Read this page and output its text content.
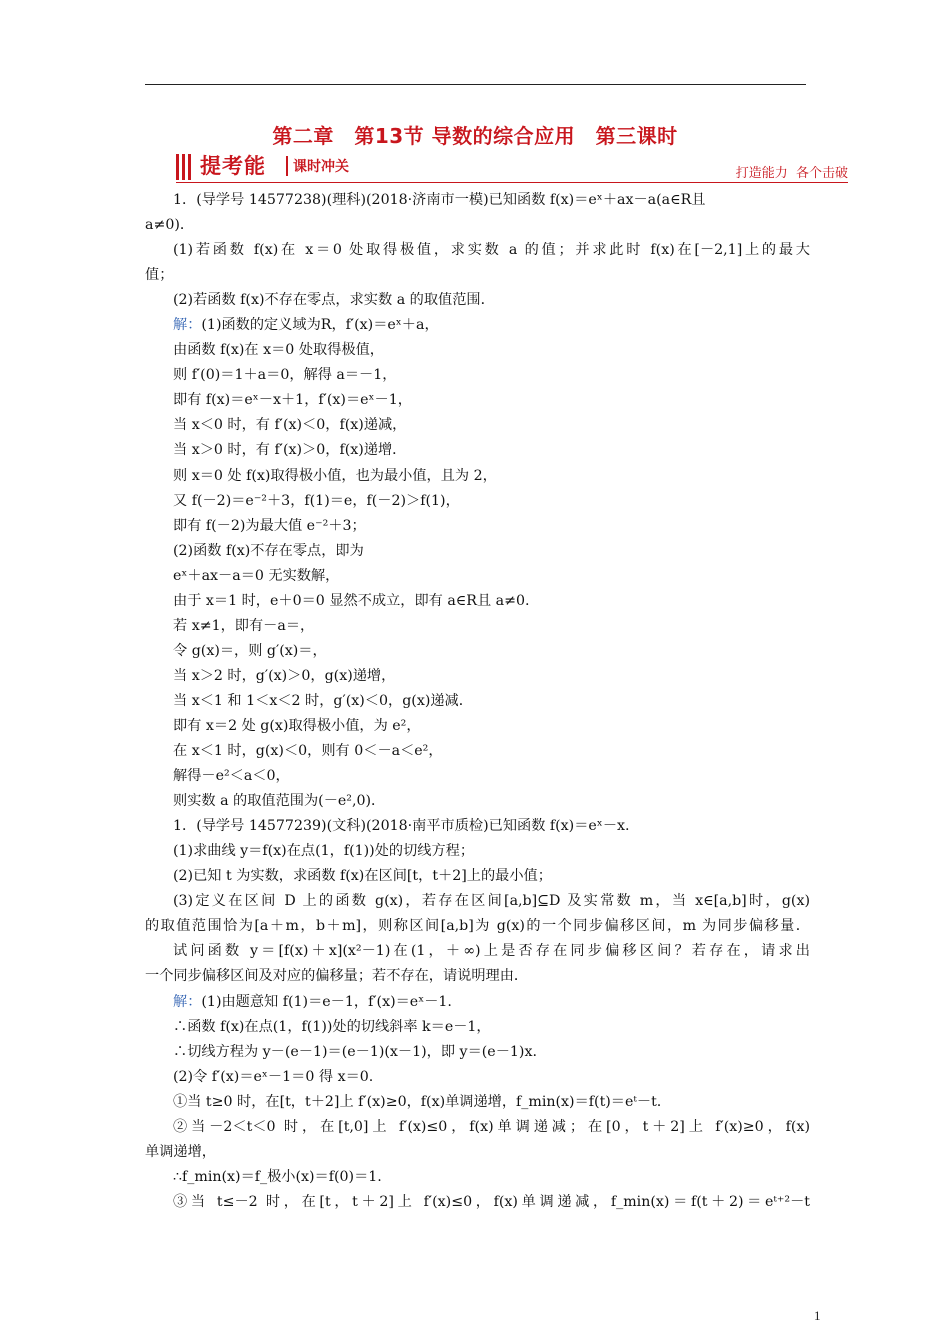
第二章　第13节 导数的综合应用　第三课时
提考能 课时冲关	打造能力  各个击破

1．(导学号 14577238)(理科)(2018·济南市一模)已知函数 f(x)＝eˣ＋ax－a(a∈R且

a≠0)．

(1)若函数 f(x)在 x＝0 处取得极值，求实数 a 的值；并求此时 f(x)在[－2,1]上的最大

值；

(2)若函数 f(x)不存在零点，求实数 a 的取值范围．

解：(1)函数的定义域为R，f′(x)＝eˣ＋a，

由函数 f(x)在 x＝0 处取得极值，

则 f′(0)＝1＋a＝0，解得 a＝－1，

即有 f(x)＝eˣ－x＋1，f′(x)＝eˣ－1，

当 x＜0 时，有 f′(x)＜0，f(x)递减，

当 x＞0 时，有 f′(x)＞0，f(x)递增．

则 x＝0 处 f(x)取得极小值，也为最小值，且为 2，

又 f(－2)＝e⁻²＋3，f(1)＝e，f(－2)＞f(1)，

即有 f(－2)为最大值 e⁻²＋3；

(2)函数 f(x)不存在零点，即为

eˣ＋ax－a＝0 无实数解，

由于 x＝1 时，e＋0＝0 显然不成立，即有 a∈R且 a≠0.

若 x≠1，即有－a＝，

令 g(x)＝，则 g′(x)＝，

当 x＞2 时，g′(x)＞0，g(x)递增，

当 x＜1 和 1＜x＜2 时，g′(x)＜0，g(x)递减．

即有 x＝2 处 g(x)取得极小值，为 e²，

在 x＜1 时，g(x)＜0，则有 0＜－a＜e²，

解得－e²＜a＜0，

则实数 a 的取值范围为(－e²,0)．

1．(导学号 14577239)(文科)(2018·南平市质检)已知函数 f(x)＝eˣ－x.

(1)求曲线 y＝f(x)在点(1，f(1))处的切线方程；

(2)已知 t 为实数，求函数 f(x)在区间[t，t＋2]上的最小值；

(3)定义在区间 D 上的函数 g(x)，若存在区间[a,b]⊆D 及实常数 m，当 x∈[a,b]时，g(x)

的取值范围恰为[a＋m，b＋m]，则称区间[a,b]为 g(x)的一个同步偏移区间，m 为同步偏移量．

试问函数 y＝[f(x)＋x](x²－1)在(1，＋∞)上是否存在同步偏移区间？若存在，请求出

一个同步偏移区间及对应的偏移量；若不存在，请说明理由．

解：(1)由题意知 f(1)＝e－1，f′(x)＝eˣ－1.

∴函数 f(x)在点(1，f(1))处的切线斜率 k＝e－1，

∴切线方程为 y－(e－1)＝(e－1)(x－1)，即 y＝(e－1)x.

(2)令 f′(x)＝eˣ－1＝0 得 x＝0.

①当 t≥0 时，在[t，t＋2]上 f′(x)≥0，f(x)单调递增，f_min(x)＝f(t)＝eᵗ－t.

②当－2＜t＜0 时，在[t,0]上 f′(x)≤0，f(x)单调递减；在[0，t＋2]上 f′(x)≥0，f(x)

单调递增，

∴f_min(x)＝f_极小(x)＝f(0)＝1.

③当 t≤－2 时，在[t，t＋2]上 f′(x)≤0，f(x)单调递减，f_min(x)＝f(t＋2)＝eᵗ⁺²－t

1
